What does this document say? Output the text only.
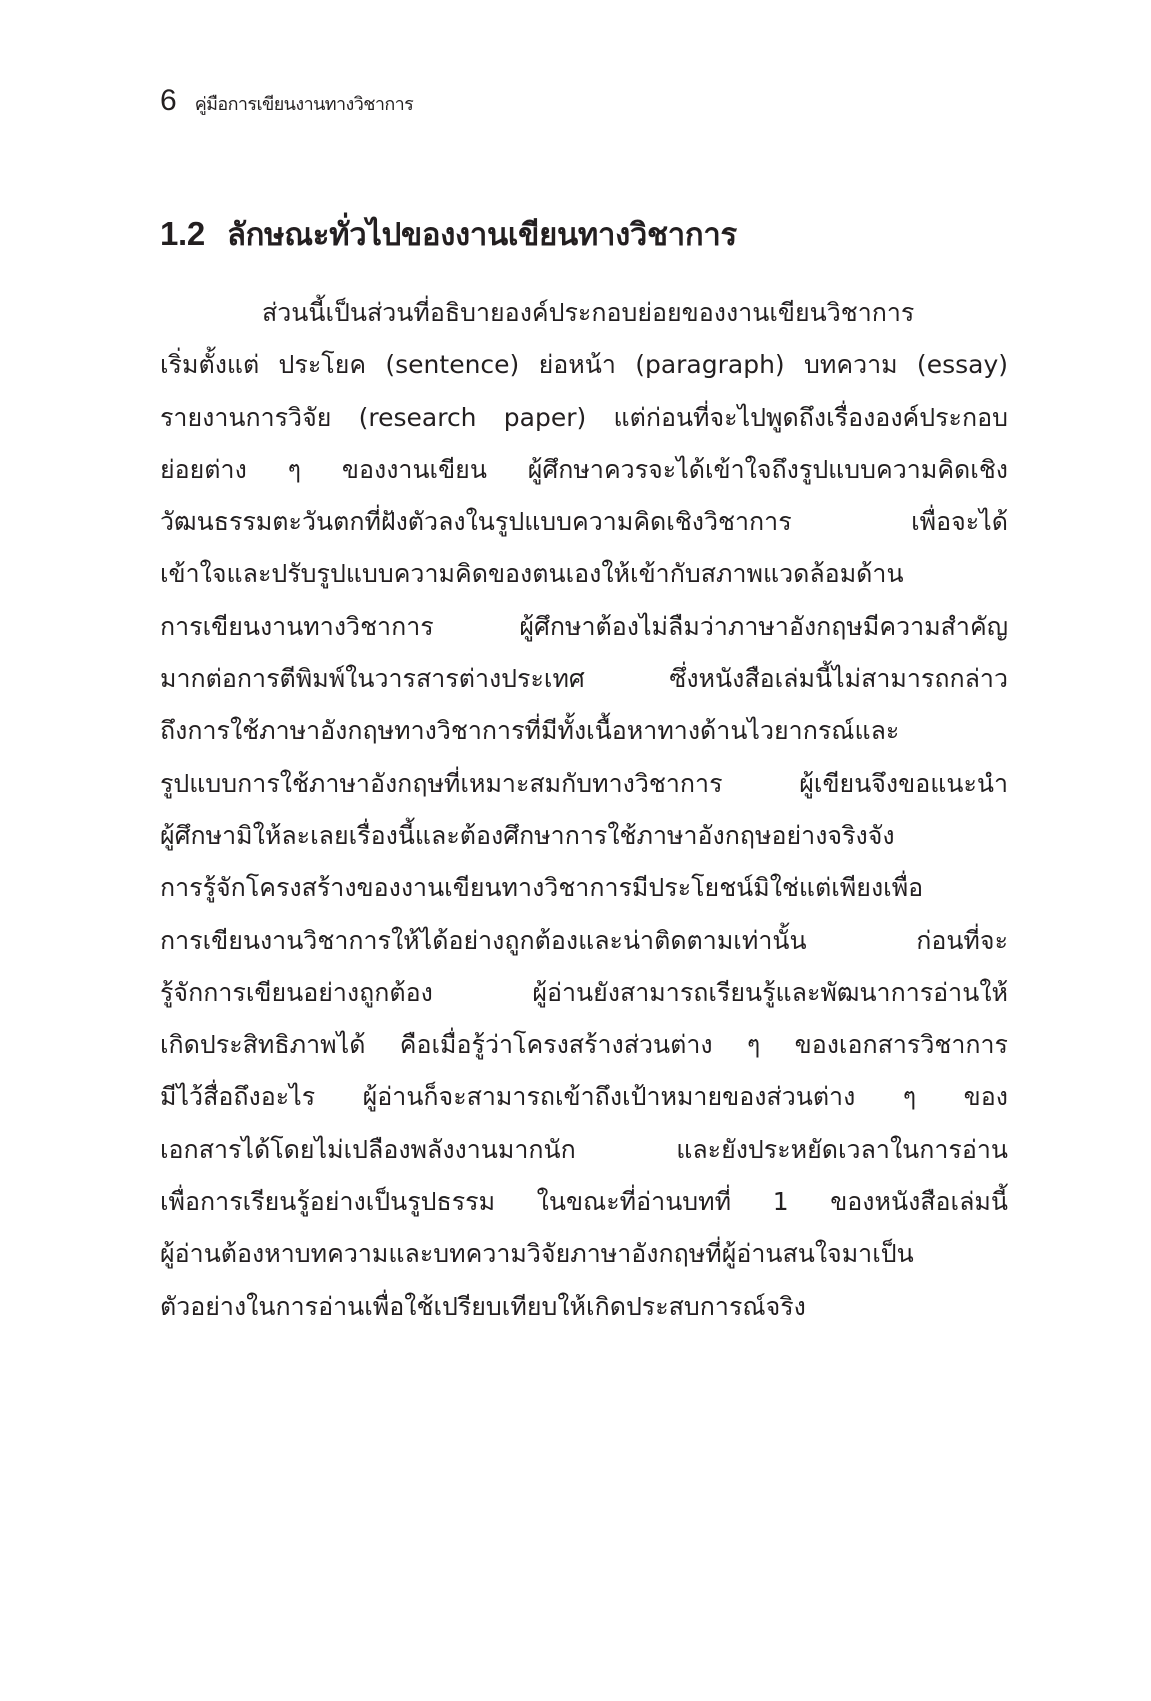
6 คู่มือการเขียนงานทางวิชาการ
1.2 ลักษณะทั่วไปของงานเขียนทางวิชาการ
ส่วนนี้เป็นส่วนที่อธิบายองค์ประกอบย่อยของงานเขียนวิชาการ
เริ่มตั้งแต่ ประโยค (sentence) ย่อหน้า (paragraph) บทความ (essay)
รายงานการวิจัย (research paper) แต่ก่อนที่จะไปพูดถึงเรื่ององค์ประกอบ
ย่อยต่าง ๆ ของงานเขียน ผู้ศึกษาควรจะได้เข้าใจถึงรูปแบบความคิดเชิง
วัฒนธรรมตะวันตกที่ฝังตัวลงในรูปแบบความคิดเชิงวิชาการ เพื่อจะได้
เข้าใจและปรับรูปแบบความคิดของตนเองให้เข้ากับสภาพแวดล้อมด้าน
การเขียนงานทางวิชาการ ผู้ศึกษาต้องไม่ลืมว่าภาษาอังกฤษมีความสำคัญ
มากต่อการตีพิมพ์ในวารสารต่างประเทศ ซึ่งหนังสือเล่มนี้ไม่สามารถกล่าว
ถึงการใช้ภาษาอังกฤษทางวิชาการที่มีทั้งเนื้อหาทางด้านไวยากรณ์และ
รูปแบบการใช้ภาษาอังกฤษที่เหมาะสมกับทางวิชาการ ผู้เขียนจึงขอแนะนำ
ผู้ศึกษามิให้ละเลยเรื่องนี้และต้องศึกษาการใช้ภาษาอังกฤษอย่างจริงจัง
การรู้จักโครงสร้างของงานเขียนทางวิชาการมีประโยชน์มิใช่แต่เพียงเพื่อ
การเขียนงานวิชาการให้ได้อย่างถูกต้องและน่าติดตามเท่านั้น ก่อนที่จะ
รู้จักการเขียนอย่างถูกต้อง ผู้อ่านยังสามารถเรียนรู้และพัฒนาการอ่านให้
เกิดประสิทธิภาพได้ คือเมื่อรู้ว่าโครงสร้างส่วนต่าง ๆ ของเอกสารวิชาการ
มีไว้สื่อถึงอะไร ผู้อ่านก็จะสามารถเข้าถึงเป้าหมายของส่วนต่าง ๆ ของ
เอกสารได้โดยไม่เปลืองพลังงานมากนัก และยังประหยัดเวลาในการอ่าน
เพื่อการเรียนรู้อย่างเป็นรูปธรรม ในขณะที่อ่านบทที่ 1 ของหนังสือเล่มนี้
ผู้อ่านต้องหาบทความและบทความวิจัยภาษาอังกฤษที่ผู้อ่านสนใจมาเป็น
ตัวอย่างในการอ่านเพื่อใช้เปรียบเทียบให้เกิดประสบการณ์จริง
